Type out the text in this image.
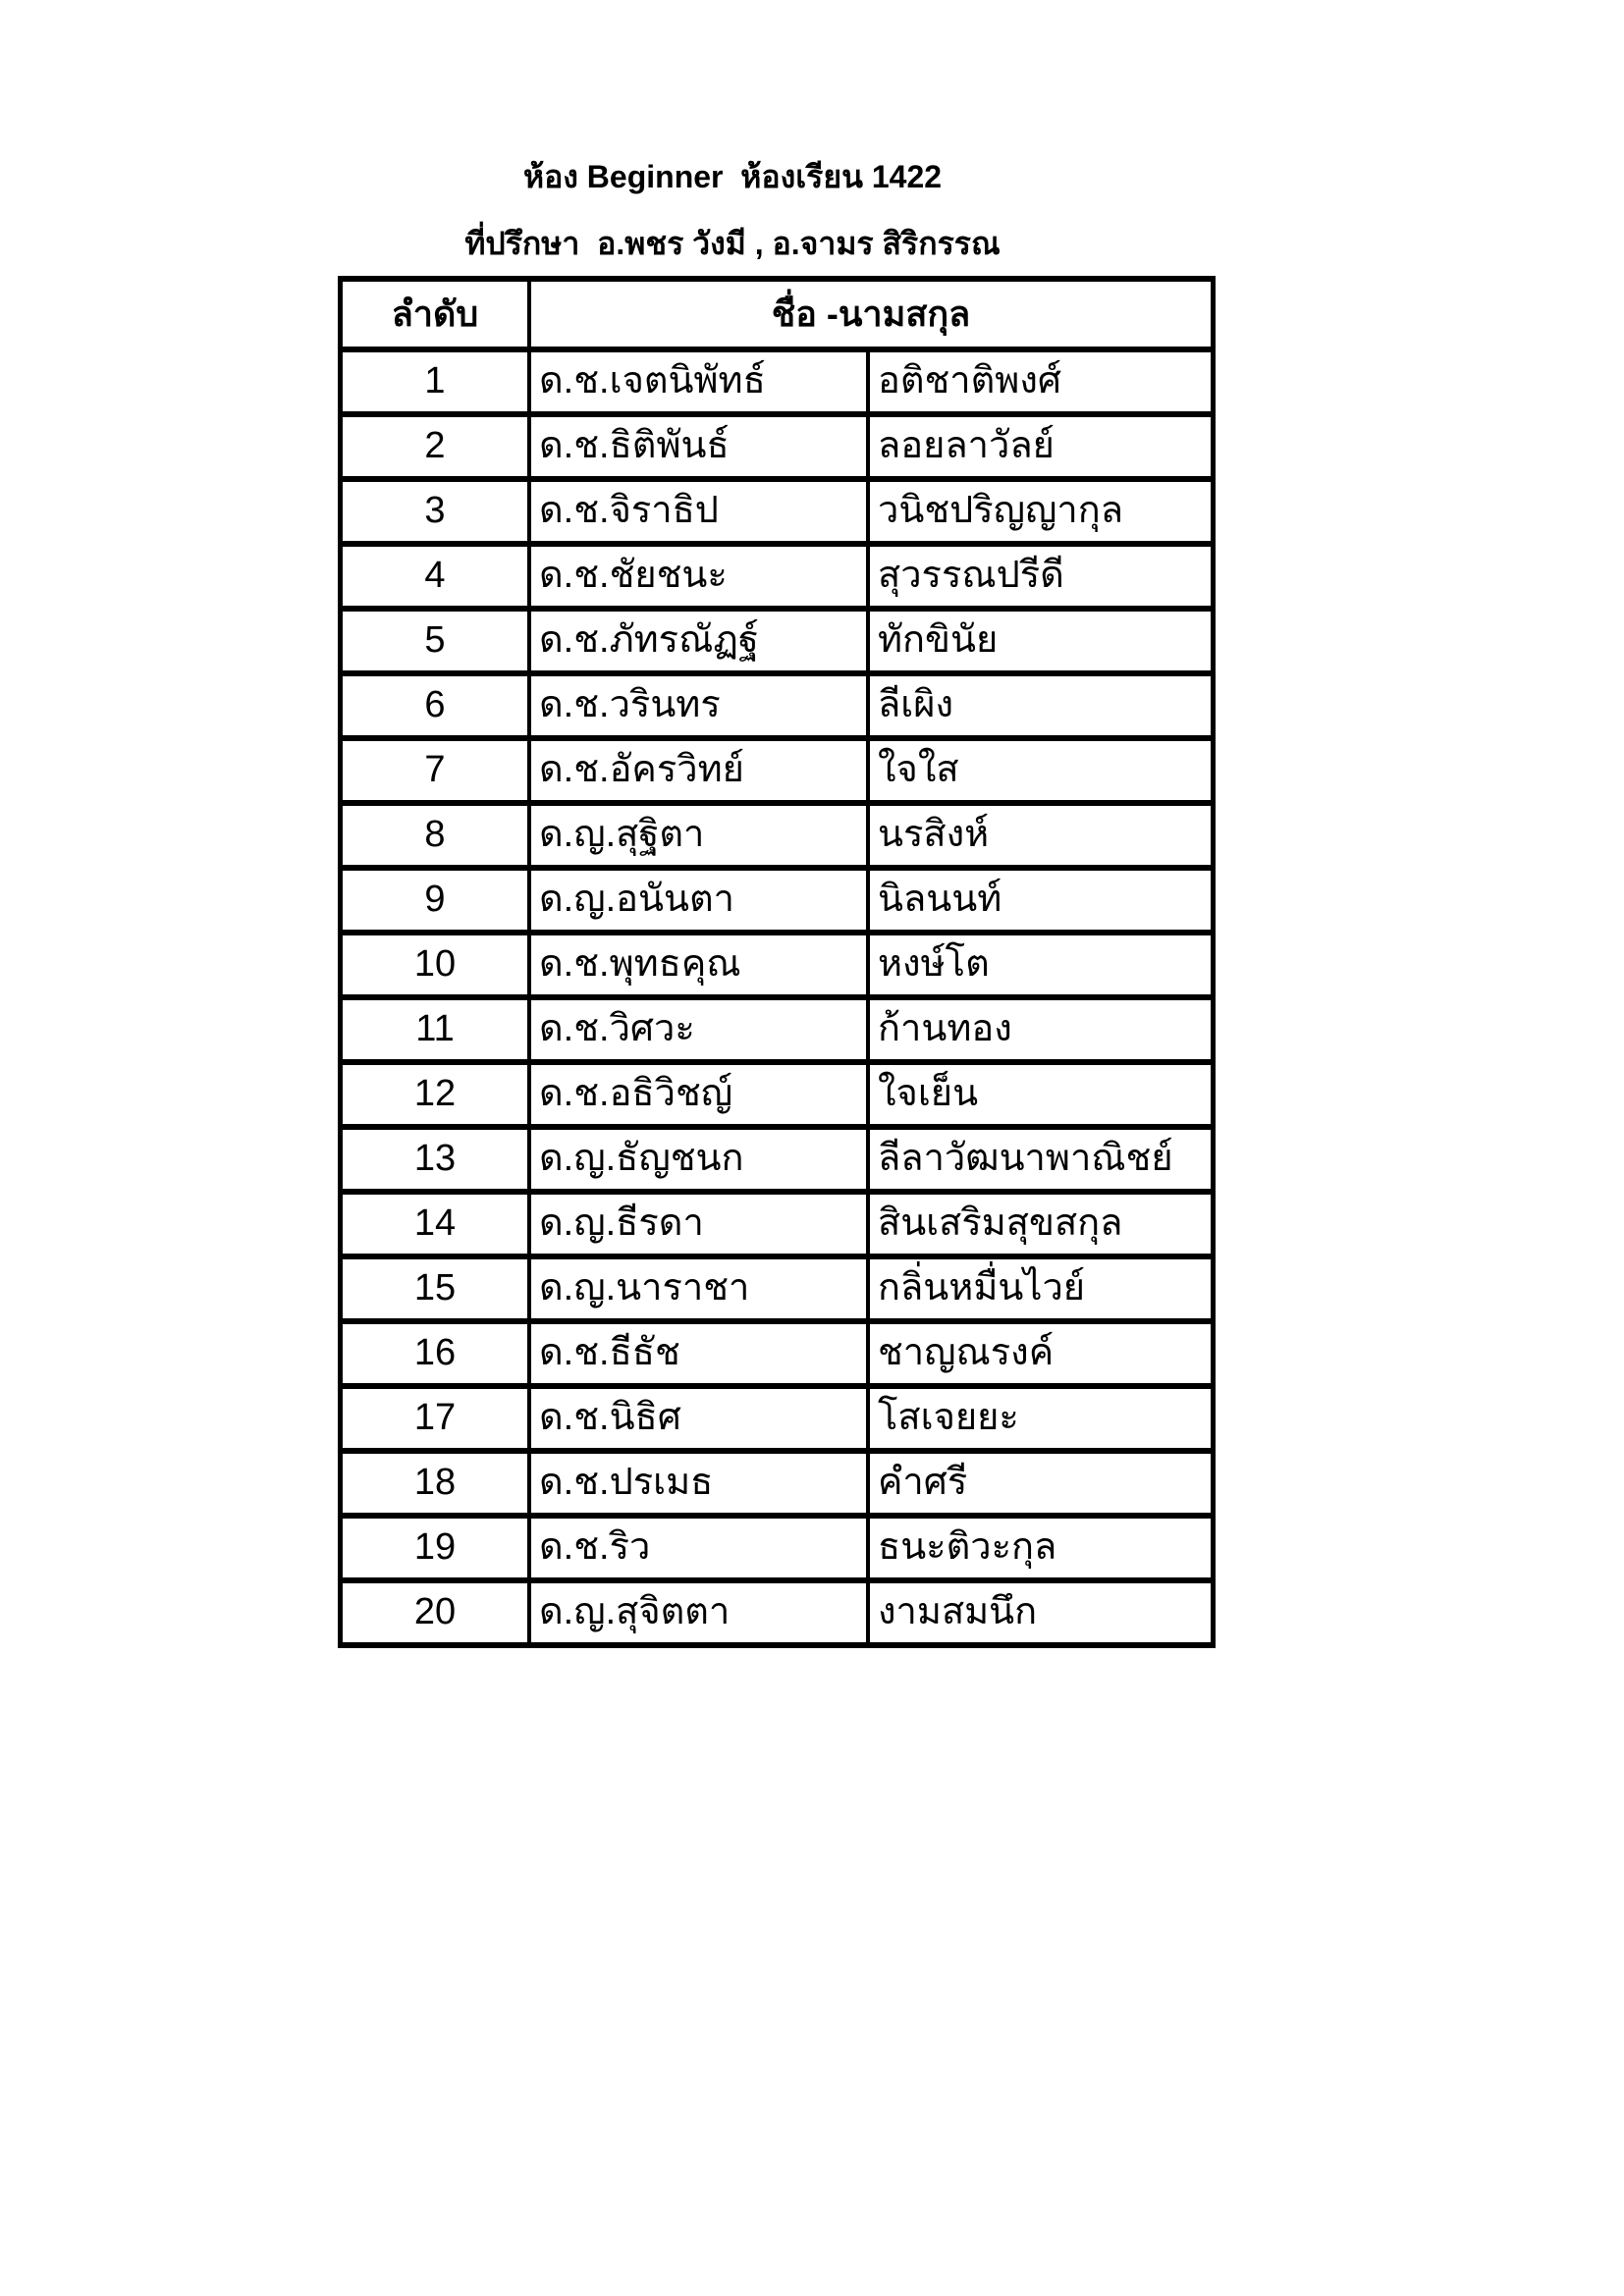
ห้อง Beginner  ห้องเรียน 1422
ที่ปรึกษา  อ.พชร วังมี , อ.จามร สิริกรรณ
ลำดับ	ชื่อ -นามสกุล	
1	ด.ช.เจตนิพัทธ์	อติชาติพงศ์
2	ด.ช.ธิติพันธ์	ลอยลาวัลย์
3	ด.ช.จิราธิป	วนิชปริญญากุล
4	ด.ช.ชัยชนะ	สุวรรณปรีดี
5	ด.ช.ภัทรณัฏฐ์	ทักขินัย
6	ด.ช.วรินทร	ลีเผิง
7	ด.ช.อัครวิทย์	ใจใส
8	ด.ญ.สุฐิตา	นรสิงห์
9	ด.ญ.อนันตา	นิลนนท์
10	ด.ช.พุทธคุณ	หงษ์โต
11	ด.ช.วิศวะ	ก้านทอง
12	ด.ช.อธิวิชญ์	ใจเย็น
13	ด.ญ.ธัญชนก	ลีลาวัฒนาพาณิชย์
14	ด.ญ.ธีรดา	สินเสริมสุขสกุล
15	ด.ญ.นาราชา	กลิ่นหมื่นไวย์
16	ด.ช.ธีธัช	ชาญณรงค์
17	ด.ช.นิธิศ	โสเจยยะ
18	ด.ช.ปรเมธ	คำศรี
19	ด.ช.ริว	ธนะติวะกุล
20	ด.ญ.สุจิตตา	งามสมนึก
